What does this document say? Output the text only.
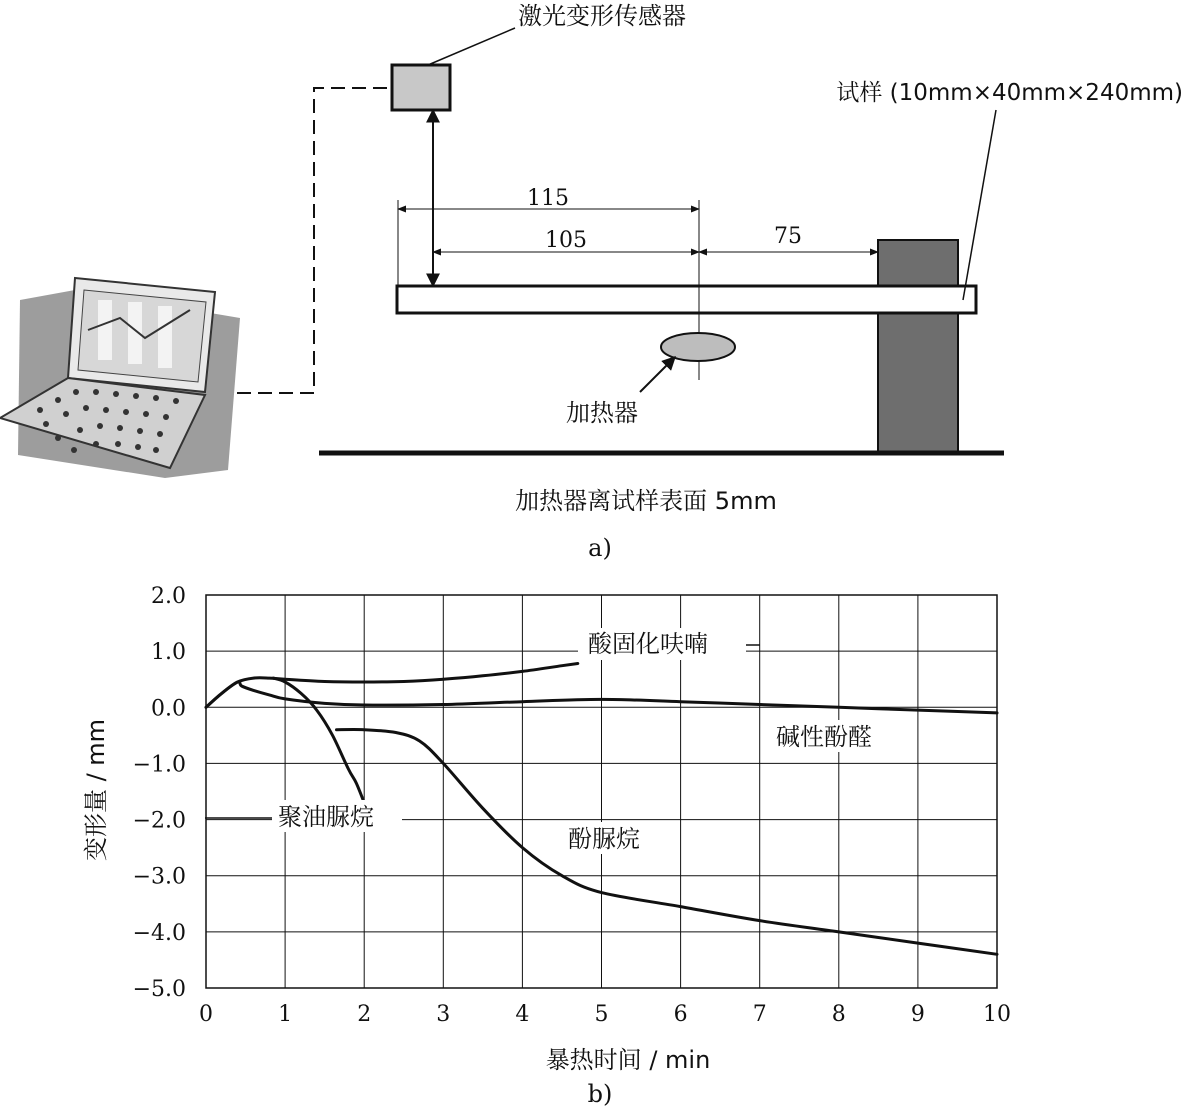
激光变形传感器
115
105	75
试样 (10mm×40mm×240mm)
加热器
加热器离试样表面 5mm
a)
2.0
1.0
0.0
−1.0
−2.0
−3.0
−4.0
−5.0
0	1	2	3	4	5	6	7	8	9	10
酸固化呋喃
碱性酚醛
聚油脲烷
酚脲烷
暴热时间 / min
变形量 / mm
b)
